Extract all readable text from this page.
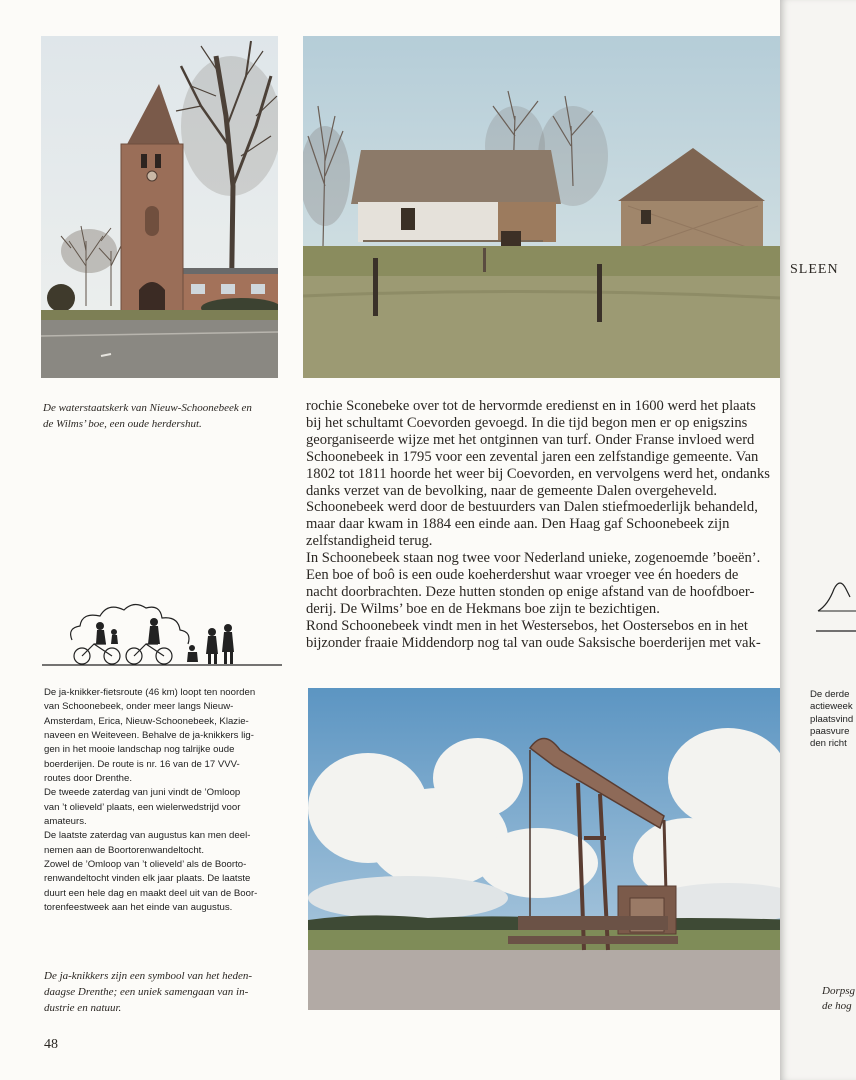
De waterstaatskerk van Nieuw-Schoonebeek en
de Wilms’ boe, een oude herdershut.

rochie Sconebeke over tot de hervormde eredienst en in 1600 werd het plaats

bij het schultamt Coevorden gevoegd. In die tijd begon men er op enigszins

georganiseerde wijze met het ontginnen van turf. Onder Franse invloed werd

Schoonebeek in 1795 voor een zevental jaren een zelfstandige gemeente. Van

1802 tot 1811 hoorde het weer bij Coevorden, en vervolgens werd het, ondanks

danks verzet van de bevolking, naar de gemeente Dalen overgeheveld.

Schoonebeek werd door de bestuurders van Dalen stiefmoederlijk behandeld,

maar daar kwam in 1884 een einde aan. Den Haag gaf Schoonebeek zijn

zelfstandigheid terug.

In Schoonebeek staan nog twee voor Nederland unieke, zogenoemde ’boeën’.

Een boe of boô is een oude koeherdershut waar vroeger vee én hoeders de

nacht doorbrachten. Deze hutten stonden op enige afstand van de hoofdboer-

derij. De Wilms’ boe en de Hekmans boe zijn te bezichtigen.

Rond Schoonebeek vindt men in het Westersebos, het Oostersebos en in het

bijzonder fraaie Middendorp nog tal van oude Saksische boerderijen met vak-

De ja-knikker-fietsroute (46 km) loopt ten noorden

van Schoonebeek, onder meer langs Nieuw-

Amsterdam, Erica, Nieuw-Schoonebeek, Klazie-

naveen en Weiteveen. Behalve de ja-knikkers lig-

gen in het mooie landschap nog talrijke oude

boerderijen. De route is nr. 16 van de 17 VVV-

routes door Drenthe.

De tweede zaterdag van juni vindt de ’Omloop

van ’t olieveld’ plaats, een wielerwedstrijd voor

amateurs.

De laatste zaterdag van augustus kan men deel-

nemen aan de Boortorenwandeltocht.

Zowel de ’Omloop van ’t olieveld’ als de Boorto-

renwandeltocht vinden elk jaar plaats. De laatste

duurt een hele dag en maakt deel uit van de Boor-

torenfeestweek aan het einde van augustus.

De ja-knikkers zijn een symbool van het heden-
daagse Drenthe; een uniek samengaan van in-
dustrie en natuur.
48
SLEEN
De derde
actieweek
plaatsvind
paasvure
den richt
Dorpsg
de hog
